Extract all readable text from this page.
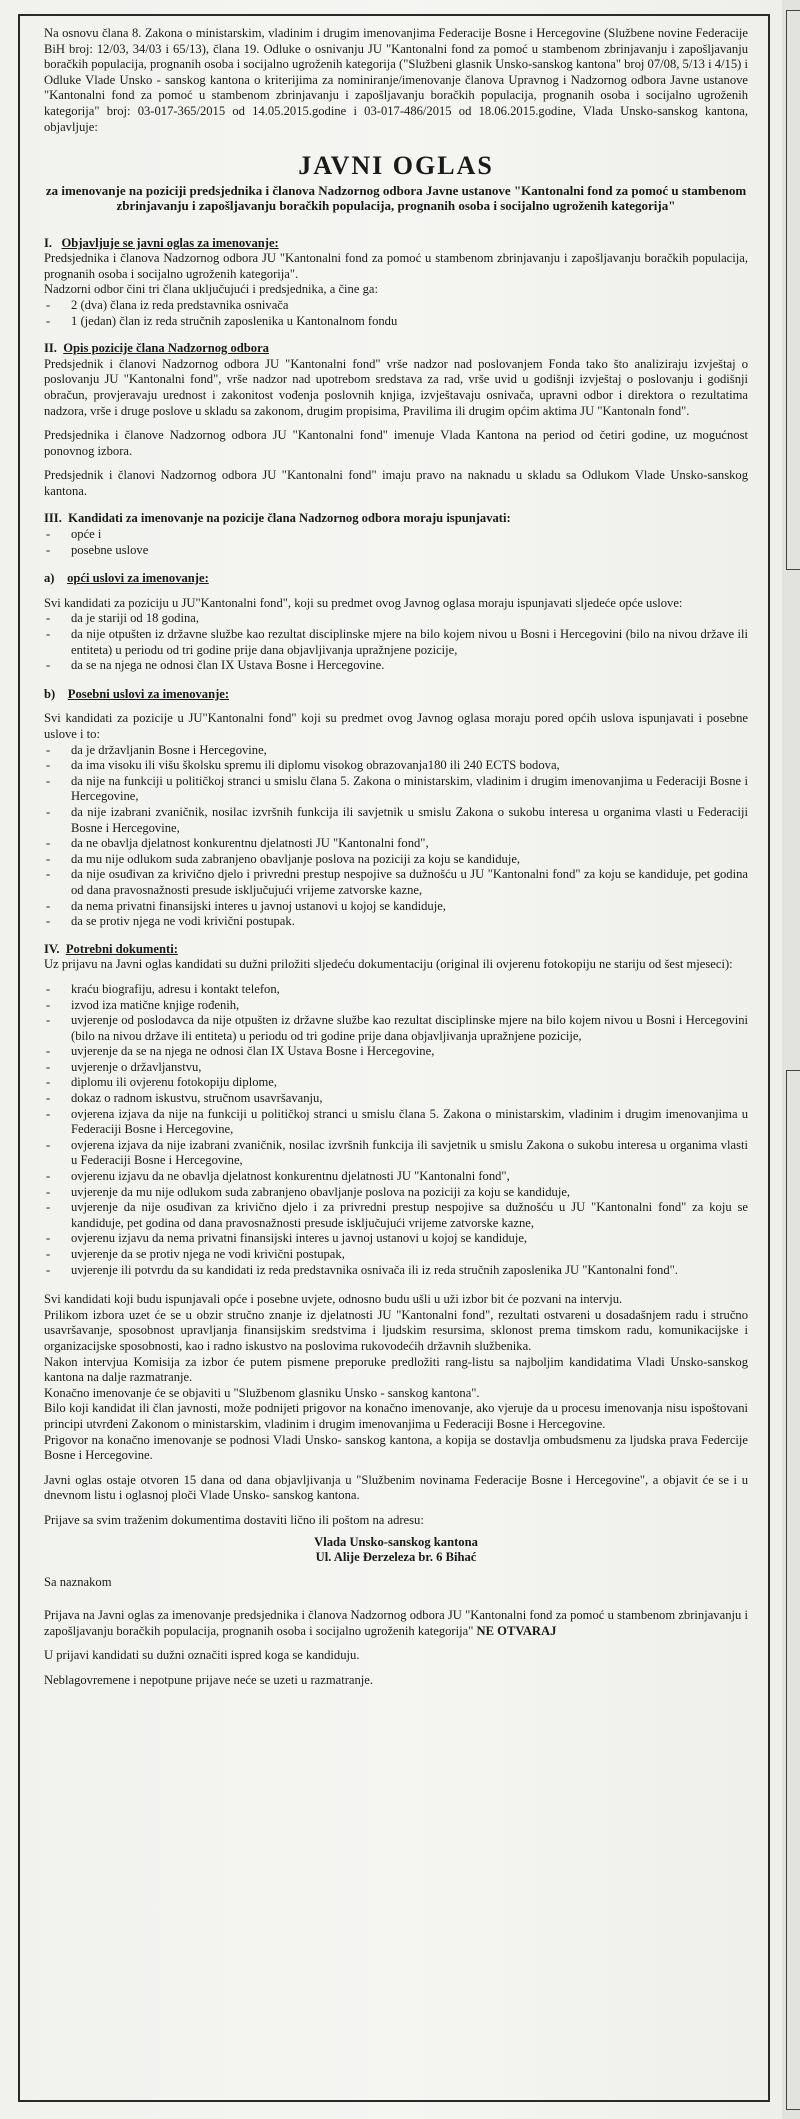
Na osnovu člana 8. Zakona o ministarskim, vladinim i drugim imenovanjima Federacije Bosne i Hercegovine (Službene novine Federacije BiH broj: 12/03, 34/03 i 65/13), člana 19. Odluke o osnivanju JU "Kantonalni fond za pomoć u stambenom zbrinjavanju i zapošljavanju boračkih populacija, prognanih osoba i socijalno ugroženih kategorija ("Službeni glasnik Unsko-sanskog kantona" broj 07/08, 5/13 i 4/15) i Odluke Vlade Unsko - sanskog kantona o kriterijima za nominiranje/imenovanje članova Upravnog i Nadzornog odbora Javne ustanove "Kantonalni fond za pomoć u stambenom zbrinjavanju i zapošljavanju boračkih populacija, prognanih osoba i socijalno ugroženih kategorija" broj: 03-017-365/2015 od 14.05.2015.godine i 03-017-486/2015 od 18.06.2015.godine, Vlada Unsko-sanskog kantona, objavljuje:

JAVNI OGLAS
za imenovanje na poziciji predsjednika i članova Nadzornog odbora Javne ustanove "Kantonalni fond za pomoć u stambenom zbrinjavanju i zapošljavanju boračkih populacija, prognanih osoba i socijalno ugroženih kategorija"
I. Objavljuje se javni oglas za imenovanje:

Predsjednika i članova Nadzornog odbora JU "Kantonalni fond za pomoć u stambenom zbrinjavanju i zapošljavanju boračkih populacija, prognanih osoba i socijalno ugroženih kategorija".

Nadzorni odbor čini tri člana uključujući i predsjednika, a čine ga:

- 2 (dva) člana iz reda predstavnika osnivača
- 1 (jedan) član iz reda stručnih zaposlenika u Kantonalnom fondu
II. Opis pozicije člana Nadzornog odbora

Predsjednik i članovi Nadzornog odbora JU "Kantonalni fond" vrše nadzor nad poslovanjem Fonda tako što analiziraju izvještaj o poslovanju JU "Kantonalni fond", vrše nadzor nad upotrebom sredstava za rad, vrše uvid u godišnji izvještaj o poslovanju i godišnji obračun, provjeravaju urednost i zakonitost vođenja poslovnih knjiga, izvještavaju osnivača, upravni odbor i direktora o rezultatima nadzora, vrše i druge poslove u skladu sa zakonom, drugim propisima, Pravilima ili drugim općim aktima JU "Kantonaln fond".

Predsjednika i članove Nadzornog odbora JU "Kantonalni fond" imenuje Vlada Kantona na period od četiri godine, uz mogućnost ponovnog izbora.

Predsjednik i članovi Nadzornog odbora JU "Kantonalni fond" imaju pravo na naknadu u skladu sa Odlukom Vlade Unsko-sanskog kantona.

III. Kandidati za imenovanje na pozicije člana Nadzornog odbora moraju ispunjavati:
- opće i
- posebne uslove
a) opći uslovi za imenovanje:

Svi kandidati za poziciju u JU"Kantonalni fond", koji su predmet ovog Javnog oglasa moraju ispunjavati sljedeće opće uslove:

- da je stariji od 18 godina,
- da nije otpušten iz državne službe kao rezultat disciplinske mjere na bilo kojem nivou u Bosni i Hercegovini (bilo na nivou države ili entiteta) u periodu od tri godine prije dana objavljivanja upražnjene pozicije,
- da se na njega ne odnosi član IX Ustava Bosne i Hercegovine.
b) Posebni uslovi za imenovanje:

Svi kandidati za pozicije u JU"Kantonalni fond" koji su predmet ovog Javnog oglasa moraju pored općih uslova ispunjavati i posebne uslove i to:

- da je državljanin Bosne i Hercegovine,
- da ima visoku ili višu školsku spremu ili diplomu visokog obrazovanja180 ili 240 ECTS bodova,
- da nije na funkciji u političkoj stranci u smislu člana 5. Zakona o ministarskim, vladinim i drugim imenovanjima u Federaciji Bosne i Hercegovine,
- da nije izabrani zvaničnik, nosilac izvršnih funkcija ili savjetnik u smislu Zakona o sukobu interesa u organima vlasti u Federaciji Bosne i Hercegovine,
- da ne obavlja djelatnost konkurentnu djelatnosti JU "Kantonalni fond",
- da mu nije odlukom suda zabranjeno obavljanje poslova na poziciji za koju se kandiduje,
- da nije osuđivan za krivično djelo i privredni prestup nespojive sa dužnošću u JU "Kantonalni fond" za koju se kandiduje, pet godina od dana pravosnažnosti presude isključujući vrijeme zatvorske kazne,
- da nema privatni finansijski interes u javnoj ustanovi u kojoj se kandiduje,
- da se protiv njega ne vodi krivični postupak.
IV. Potrebni dokumenti:

Uz prijavu na Javni oglas kandidati su dužni priložiti sljedeću dokumentaciju (original ili ovjerenu fotokopiju ne stariju od šest mjeseci):

- kraću biografiju, adresu i kontakt telefon,
- izvod iza matične knjige rođenih,
- uvjerenje od poslodavca da nije otpušten iz državne službe kao rezultat disciplinske mjere na bilo kojem nivou u Bosni i Hercegovini (bilo na nivou države ili entiteta) u periodu od tri godine prije dana objavljivanja upražnjene pozicije,
- uvjerenje da se na njega ne odnosi član IX Ustava Bosne i Hercegovine,
- uvjerenje o državljanstvu,
- diplomu ili ovjerenu fotokopiju diplome,
- dokaz o radnom iskustvu, stručnom usavršavanju,
- ovjerena izjava da nije na funkciji u političkoj stranci u smislu člana 5. Zakona o ministarskim, vladinim i drugim imenovanjima u Federaciji Bosne i Hercegovine,
- ovjerena izjava da nije izabrani zvaničnik, nosilac izvršnih funkcija ili savjetnik u smislu Zakona o sukobu interesa u organima vlasti u Federaciji Bosne i Hercegovine,
- ovjerenu izjavu da ne obavlja djelatnost konkurentnu djelatnosti JU "Kantonalni fond",
- uvjerenje da mu nije odlukom suda zabranjeno obavljanje poslova na poziciji za koju se kandiduje,
- uvjerenje da nije osuđivan za krivično djelo i za privredni prestup nespojive sa dužnošću u JU "Kantonalni fond" za koju se kandiduje, pet godina od dana pravosnažnosti presude isključujući vrijeme zatvorske kazne,
- ovjerenu izjavu da nema privatni finansijski interes u javnoj ustanovi u kojoj se kandiduje,
- uvjerenje da se protiv njega ne vodi krivični postupak,
- uvjerenje ili potvrdu da su kandidati iz reda predstavnika osnivača ili iz reda stručnih zaposlenika JU "Kantonalni fond".

Svi kandidati koji budu ispunjavali opće i posebne uvjete, odnosno budu ušli u uži izbor bit će pozvani na intervju.

Prilikom izbora uzet će se u obzir stručno znanje iz djelatnosti JU "Kantonalni fond", rezultati ostvareni u dosadašnjem radu i stručno usavršavanje, sposobnost upravljanja finansijskim sredstvima i ljudskim resursima, sklonost prema timskom radu, komunikacijske i organizacijske sposobnosti, kao i radno iskustvo na poslovima rukovodećih državnih službenika.

Nakon intervjua Komisija za izbor će putem pismene preporuke predložiti rang-listu sa najboljim kandidatima Vladi Unsko-sanskog kantona na dalje razmatranje.

Konačno imenovanje će se objaviti u "Službenom glasniku Unsko - sanskog kantona".

Bilo koji kandidat ili član javnosti, može podnijeti prigovor na konačno imenovanje, ako vjeruje da u procesu imenovanja nisu ispoštovani principi utvrđeni Zakonom o ministarskim, vladinim i drugim imenovanjima u Federaciji Bosne i Hercegovine.

Prigovor na konačno imenovanje se podnosi Vladi Unsko- sanskog kantona, a kopija se dostavlja ombudsmenu za ljudska prava Federcije Bosne i Hercegovine.

Javni oglas ostaje otvoren 15 dana od dana objavljivanja u "Službenim novinama Federacije Bosne i Hercegovine", a objavit će se i u dnevnom listu i oglasnoj ploči Vlade Unsko- sanskog kantona.

Prijave sa svim traženim dokumentima dostaviti lično ili poštom na adresu:

Vlada Unsko-sanskog kantona
Ul. Alije Đerzeleza br. 6 Bihać

Sa naznakom

Prijava na Javni oglas za imenovanje predsjednika i članova Nadzornog odbora JU "Kantonalni fond za pomoć u stambenom zbrinjavanju i zapošljavanju boračkih populacija, prognanih osoba i socijalno ugroženih kategorija" NE OTVARAJ

U prijavi kandidati su dužni označiti ispred koga se kandiduju.

Neblagovremene i nepotpune prijave neće se uzeti u razmatranje.
